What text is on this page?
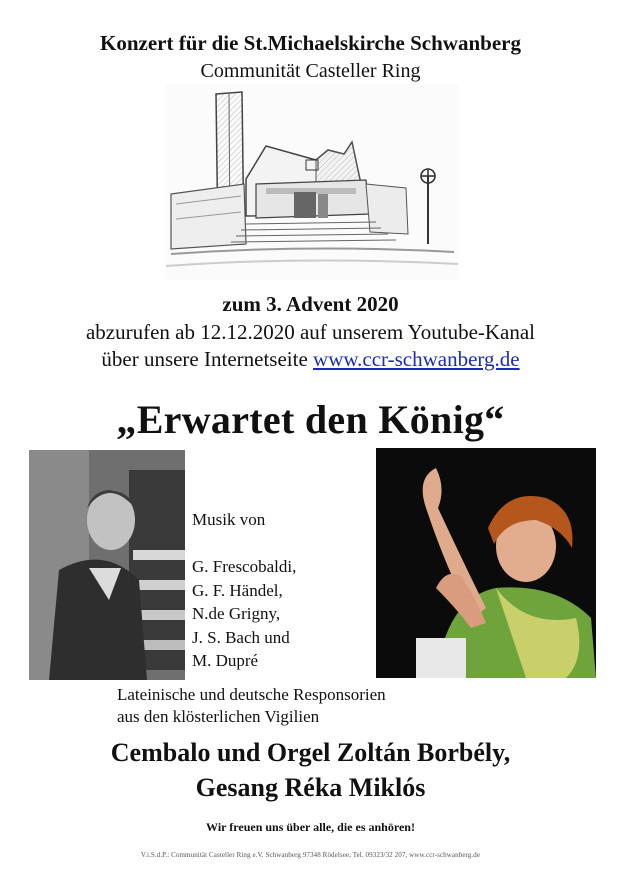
Konzert für die St.Michaelskirche Schwanberg
Communität Casteller Ring
zum 3. Advent 2020
abzurufen ab 12.12.2020 auf unserem Youtube-Kanal
über unsere Internetseite www.ccr-schwanberg.de
„Erwartet den König“
Musik von
G. Frescobaldi,
G. F. Händel,
N.de Grigny,
J. S. Bach und
M. Dupré
Lateinische und deutsche Responsorien
aus den klösterlichen Vigilien
Cembalo und Orgel Zoltán Borbély,
Gesang Réka Miklós
Wir freuen uns über alle, die es anhören!
V.i.S.d.P.: Communität Casteller Ring e.V. Schwanberg 97348 Rödelsee, Tel. 09323/32 207, www.ccr-schwanberg.de
